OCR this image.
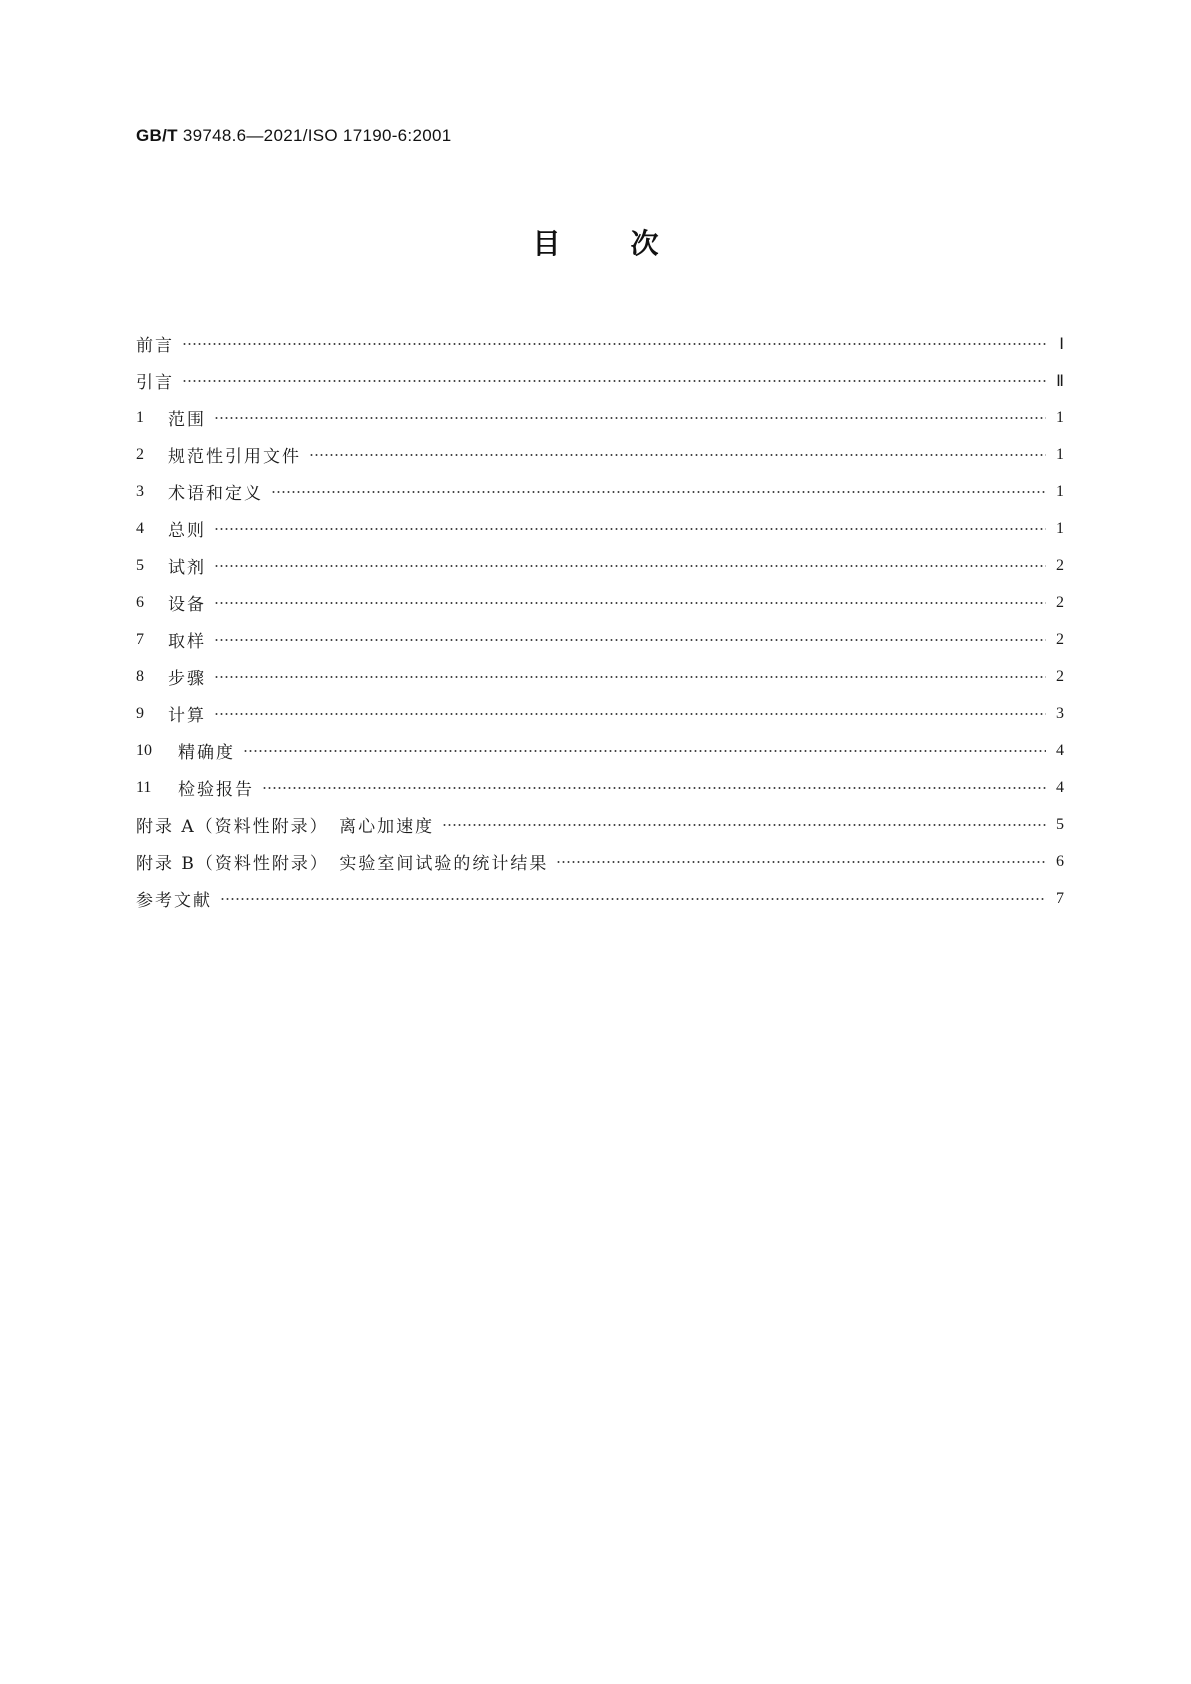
GB/T 39748.6—2021/ISO 17190-6:2001
目	次
前言	Ⅰ
引言	Ⅱ
1	范围	1
2	规范性引用文件	1
3	术语和定义	1
4	总则	1
5	试剂	2
6	设备	2
7	取样	2
8	步骤	2
9	计算	3
10	精确度	4
11	检验报告	4
附录 A（资料性附录）　离心加速度	5
附录 B（资料性附录）　实验室间试验的统计结果	6
参考文献	7
